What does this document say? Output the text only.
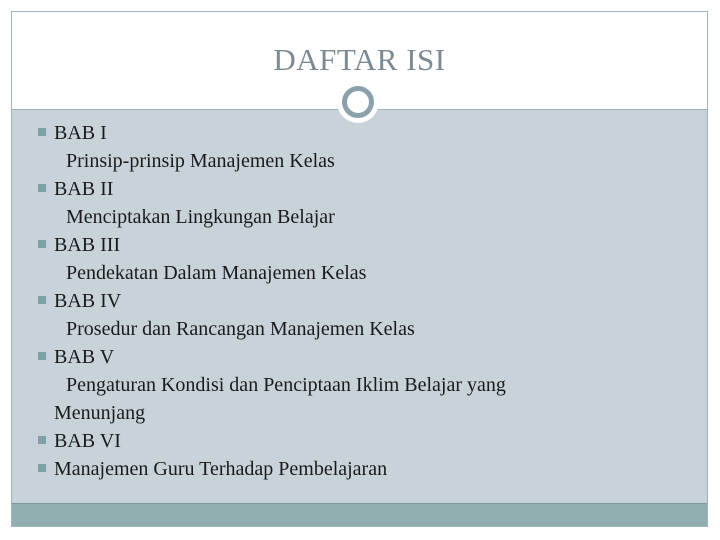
DAFTAR ISI
BAB I
Prinsip-prinsip Manajemen Kelas
BAB II
Menciptakan Lingkungan Belajar
BAB III
Pendekatan Dalam Manajemen Kelas
BAB IV
Prosedur dan Rancangan Manajemen Kelas
BAB V
Pengaturan Kondisi dan Penciptaan Iklim Belajar yang
Menunjang
BAB VI
Manajemen Guru Terhadap Pembelajaran
